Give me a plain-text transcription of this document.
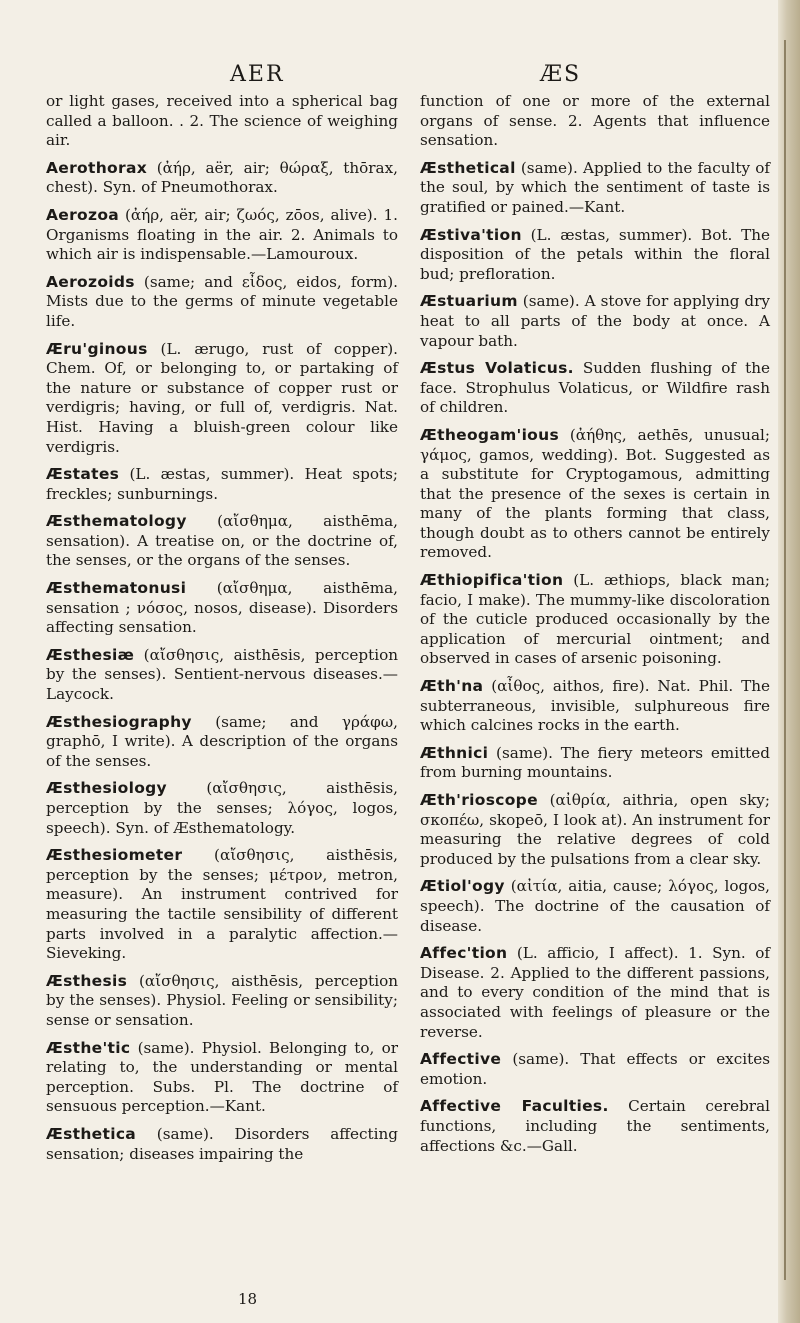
AER	ÆS

or light gases, received into a spherical bag called a balloon. . 2. The science of weighing air.

Aerothorax (ἀήρ, aër, air; θώραξ, thōrax, chest). Syn. of Pneumothorax.

Aerozoa (ἀήρ, aër, air; ζωός, zōos, alive). 1. Organisms floating in the air. 2. Animals to which air is indispensable.—Lamouroux.

Aerozoids (same; and εἶδος, eidos, form). Mists due to the germs of minute vegetable life.

Æru'ginous (L. ærugo, rust of copper). Chem. Of, or belonging to, or partaking of the nature or substance of copper rust or verdigris; having, or full of, verdigris. Nat. Hist. Having a bluish-green colour like verdigris.

Æstates (L. æstas, summer). Heat spots; freckles; sunburnings.

Æsthematology (αἴσθημα, aisthēma, sensation). A treatise on, or the doctrine of, the senses, or the organs of the senses.

Æsthematonusi (αἴσθημα, aisthēma, sensation ; νόσος, nosos, disease). Disorders affecting sensation.

Æsthesiæ (αἴσθησις, aisthēsis, perception by the senses). Sentient-nervous diseases.—Laycock.

Æsthesiography (same; and γράφω, graphō, I write). A description of the organs of the senses.

Æsthesiology (αἴσθησις, aisthēsis, perception by the senses; λόγος, logos, speech). Syn. of Æsthematology.

Æsthesiometer (αἴσθησις, aisthēsis, perception by the senses; μέτρον, metron, measure). An instrument contrived for measuring the tactile sensibility of different parts involved in a paralytic affection.—Sieveking.

Æsthesis (αἴσθησις, aisthēsis, perception by the senses). Physiol. Feeling or sensibility; sense or sensation.

Æsthe'tic (same). Physiol. Belonging to, or relating to, the understanding or mental perception. Subs. Pl. The doctrine of sensuous perception.—Kant.

Æsthetica (same). Disorders affecting sensation; diseases impairing the

function of one or more of the external organs of sense. 2. Agents that influence sensation.

Æsthetical (same). Applied to the faculty of the soul, by which the sentiment of taste is gratified or pained.—Kant.

Æstiva'tion (L. æstas, summer). Bot. The disposition of the petals within the floral bud; prefloration.

Æstuarium (same). A stove for applying dry heat to all parts of the body at once. A vapour bath.

Æstus Volaticus. Sudden flushing of the face. Strophulus Volaticus, or Wildfire rash of children.

Ætheogam'ious (ἀήθης, aethēs, unusual; γάμος, gamos, wedding). Bot. Suggested as a substitute for Cryptogamous, admitting that the presence of the sexes is certain in many of the plants forming that class, though doubt as to others cannot be entirely removed.

Æthiopifica'tion (L. æthiops, black man; facio, I make). The mummy-like discoloration of the cuticle produced occasionally by the application of mercurial ointment; and observed in cases of arsenic poisoning.

Æth'na (αἶθος, aithos, fire). Nat. Phil. The subterraneous, invisible, sulphureous fire which calcines rocks in the earth.

Æthnici (same). The fiery meteors emitted from burning mountains.

Æth'rioscope (αἰθρία, aithria, open sky; σκοπέω, skopeō, I look at). An instrument for measuring the relative degrees of cold produced by the pulsations from a clear sky.

Ætiol'ogy (αἰτία, aitia, cause; λόγος, logos, speech). The doctrine of the causation of disease.

Affec'tion (L. afficio, I affect). 1. Syn. of Disease. 2. Applied to the different passions, and to every condition of the mind that is associated with feelings of pleasure or the reverse.

Affective (same). That effects or excites emotion.

Affective Faculties. Certain cerebral functions, including the sentiments, affections &c.—Gall.

18
